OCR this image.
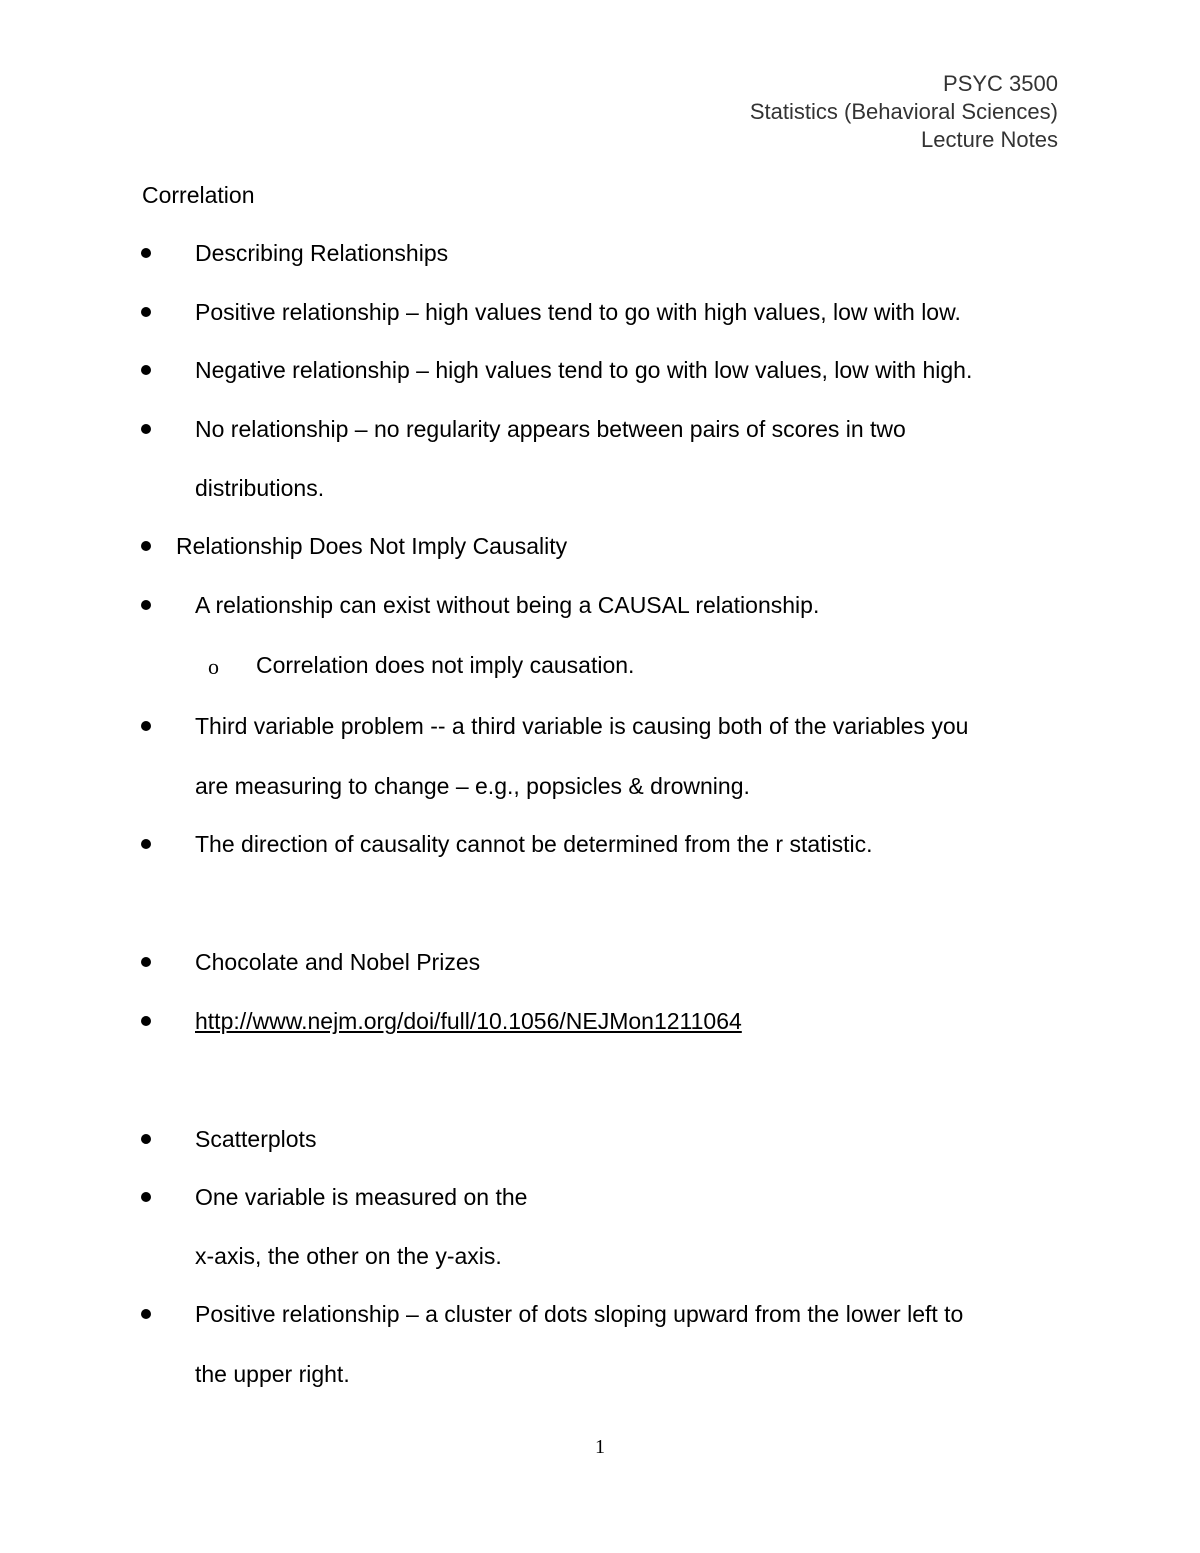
PSYC 3500
Statistics (Behavioral Sciences)
Lecture Notes
Correlation
Describing Relationships
Positive relationship – high values tend to go with high values, low with low.
Negative relationship – high values tend to go with low values, low with high.
No relationship – no regularity appears between pairs of scores in two
distributions.
Relationship Does Not Imply Causality
A relationship can exist without being a CAUSAL relationship.
o Correlation does not imply causation.
Third variable problem -- a third variable is causing both of the variables you
are measuring to change – e.g., popsicles & drowning.
The direction of causality cannot be determined from the r statistic.
Chocolate and Nobel Prizes
http://www.nejm.org/doi/full/10.1056/NEJMon1211064
Scatterplots
One variable is measured on the
x-axis, the other on the y-axis.
Positive relationship – a cluster of dots sloping upward from the lower left to
the upper right.
1
